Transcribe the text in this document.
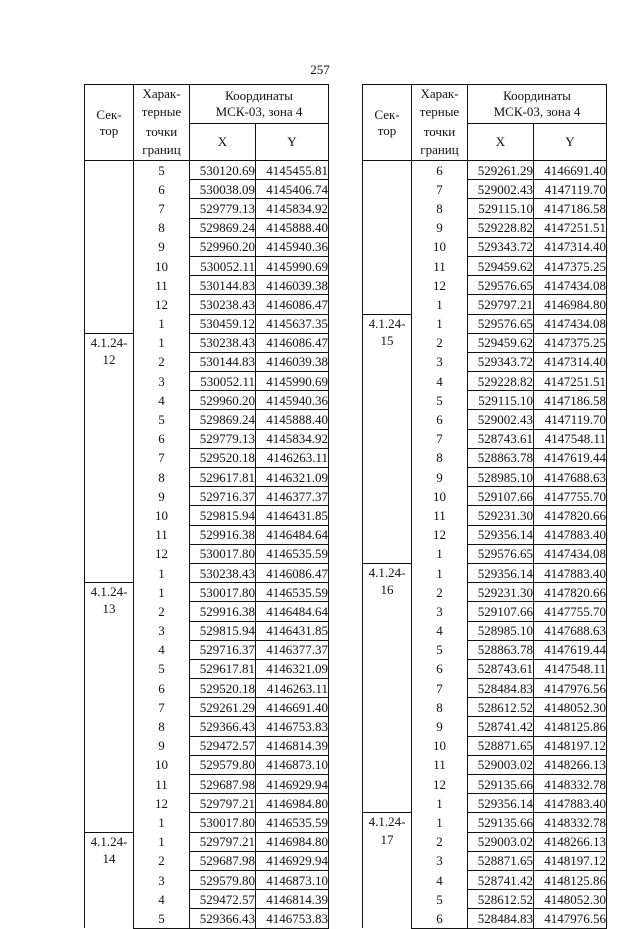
257
Сек-
тор	Харак-
терные
точки
границ	Координаты
МСК-03, зона 4	
		X	Y

	5	530120.69	4145455.81
	6	530038.09	4145406.74
	7	529779.13	4145834.92
	8	529869.24	4145888.40
	9	529960.20	4145940.36
	10	530052.11	4145990.69
	11	530144.83	4146039.38
	12	530238.43	4146086.47
	1	530459.12	4145637.35

4.1.24-
12	1	530238.43	4146086.47
	2	530144.83	4146039.38
	3	530052.11	4145990.69
	4	529960.20	4145940.36
	5	529869.24	4145888.40
	6	529779.13	4145834.92
	7	529520.18	4146263.11
	8	529617.81	4146321.09
	9	529716.37	4146377.37
	10	529815.94	4146431.85
	11	529916.38	4146484.64
	12	530017.80	4146535.59
	1	530238.43	4146086.47

4.1.24-
13	1	530017.80	4146535.59
	2	529916.38	4146484.64
	3	529815.94	4146431.85
	4	529716.37	4146377.37
	5	529617.81	4146321.09
	6	529520.18	4146263.11
	7	529261.29	4146691.40
	8	529366.43	4146753.83
	9	529472.57	4146814.39
	10	529579.80	4146873.10
	11	529687.98	4146929.94
	12	529797.21	4146984.80
	1	530017.80	4146535.59

4.1.24-
14	1	529797.21	4146984.80
	2	529687.98	4146929.94
	3	529579.80	4146873.10
	4	529472.57	4146814.39
	5	529366.43	4146753.83
Сек-
тор	Харак-
терные
точки
границ	Координаты
МСК-03, зона 4	
		X	Y

	6	529261.29	4146691.40
	7	529002.43	4147119.70
	8	529115.10	4147186.58
	9	529228.82	4147251.51
	10	529343.72	4147314.40
	11	529459.62	4147375.25
	12	529576.65	4147434.08
	1	529797.21	4146984.80

4.1.24-
15	1	529576.65	4147434.08
	2	529459.62	4147375.25
	3	529343.72	4147314.40
	4	529228.82	4147251.51
	5	529115.10	4147186.58
	6	529002.43	4147119.70
	7	528743.61	4147548.11
	8	528863.78	4147619.44
	9	528985.10	4147688.63
	10	529107.66	4147755.70
	11	529231.30	4147820.66
	12	529356.14	4147883.40
	1	529576.65	4147434.08

4.1.24-
16	1	529356.14	4147883.40
	2	529231.30	4147820.66
	3	529107.66	4147755.70
	4	528985.10	4147688.63
	5	528863.78	4147619.44
	6	528743.61	4147548.11
	7	528484.83	4147976.56
	8	528612.52	4148052.30
	9	528741.42	4148125.86
	10	528871.65	4148197.12
	11	529003.02	4148266.13
	12	529135.66	4148332.78
	1	529356.14	4147883.40

4.1.24-
17	1	529135.66	4148332.78
	2	529003.02	4148266.13
	3	528871.65	4148197.12
	4	528741.42	4148125.86
	5	528612.52	4148052.30
	6	528484.83	4147976.56
